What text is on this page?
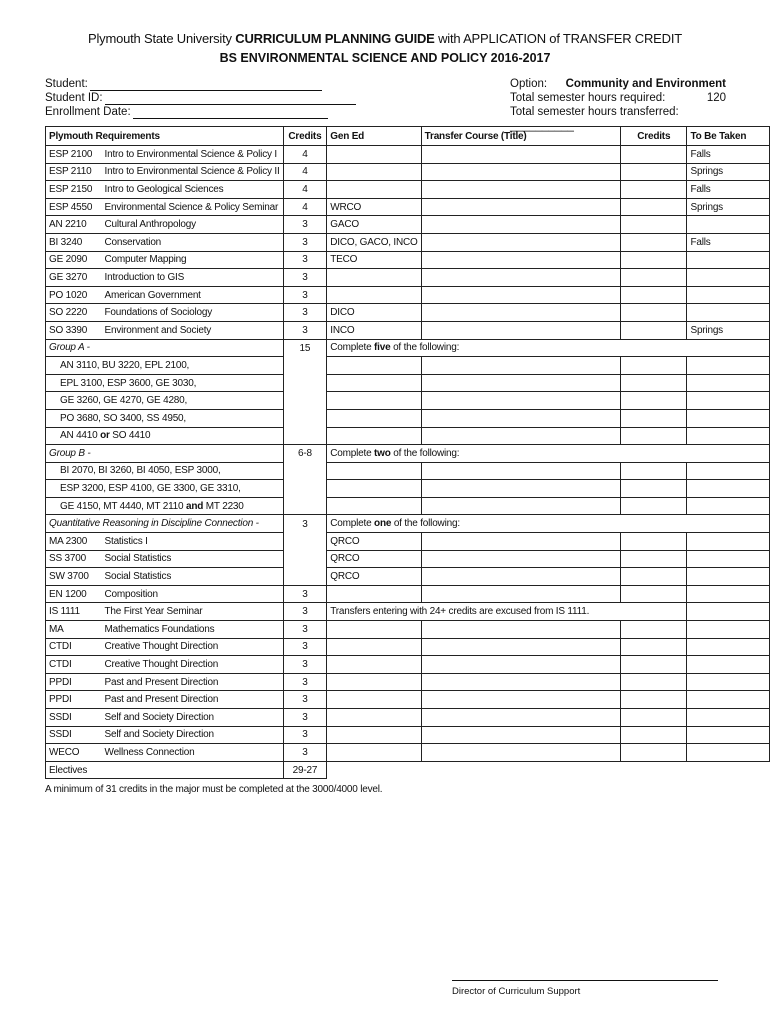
Plymouth State University CURRICULUM PLANNING GUIDE with APPLICATION of TRANSFER CREDIT
BS ENVIRONMENTAL SCIENCE AND POLICY 2016-2017
Student:
Student ID:
Enrollment Date:
Option: Community and Environment
Total semester hours required:	120
Total semester hours transferred: __________
Plymouth Requirements		Credits	Gen Ed	Transfer Course (Title)	Credits	To Be Taken
ESP 2100	Intro to Environmental Science & Policy I	4				Falls
ESP 2110	Intro to Environmental Science & Policy II	4				Springs
ESP 2150	Intro to Geological Sciences	4				Falls
ESP 4550	Environmental Science & Policy Seminar	4	WRCO			Springs
AN 2210	Cultural Anthropology	3	GACO			
BI 3240	Conservation	3	DICO, GACO, INCO			Falls
GE 2090	Computer Mapping	3	TECO			
GE 3270	Introduction to GIS	3				
PO 1020	American Government	3				
SO 2220	Foundations of Sociology	3	DICO			
SO 3390	Environment and Society	3	INCO			Springs
Group A -		15	Complete five of the following:			
AN 3110, BU 3220, EPL 2100,						
EPL 3100, ESP 3600, GE 3030,						
GE 3260, GE 4270, GE 4280,						
PO 3680, SO 3400, SS 4950,						
AN 4410 or SO 4410						
Group B -		6-8	Complete two of the following:			
BI 2070, BI 3260, BI 4050, ESP 3000,						
ESP 3200, ESP 4100, GE 3300, GE 3310,						
GE 4150, MT 4440, MT 2110 and MT 2230						
Quantitative Reasoning in Discipline Connection -		3	Complete one of the following:			
MA 2300	Statistics I		QRCO			
SS 3700	Social Statistics		QRCO			
SW 3700	Social Statistics		QRCO			
EN 1200	Composition	3				
IS 1111	The First Year Seminar	3	Transfers entering with 24+ credits are excused from IS 1111.			
MA	Mathematics Foundations	3				
CTDI	Creative Thought Direction	3				
CTDI	Creative Thought Direction	3				
PPDI	Past and Present Direction	3				
PPDI	Past and Present Direction	3				
SSDI	Self and Society Direction	3				
SSDI	Self and Society Direction	3				
WECO	Wellness Connection	3				
Electives		29-27				
A minimum of 31 credits in the major must be completed at the 3000/4000 level.
Director of Curriculum Support
